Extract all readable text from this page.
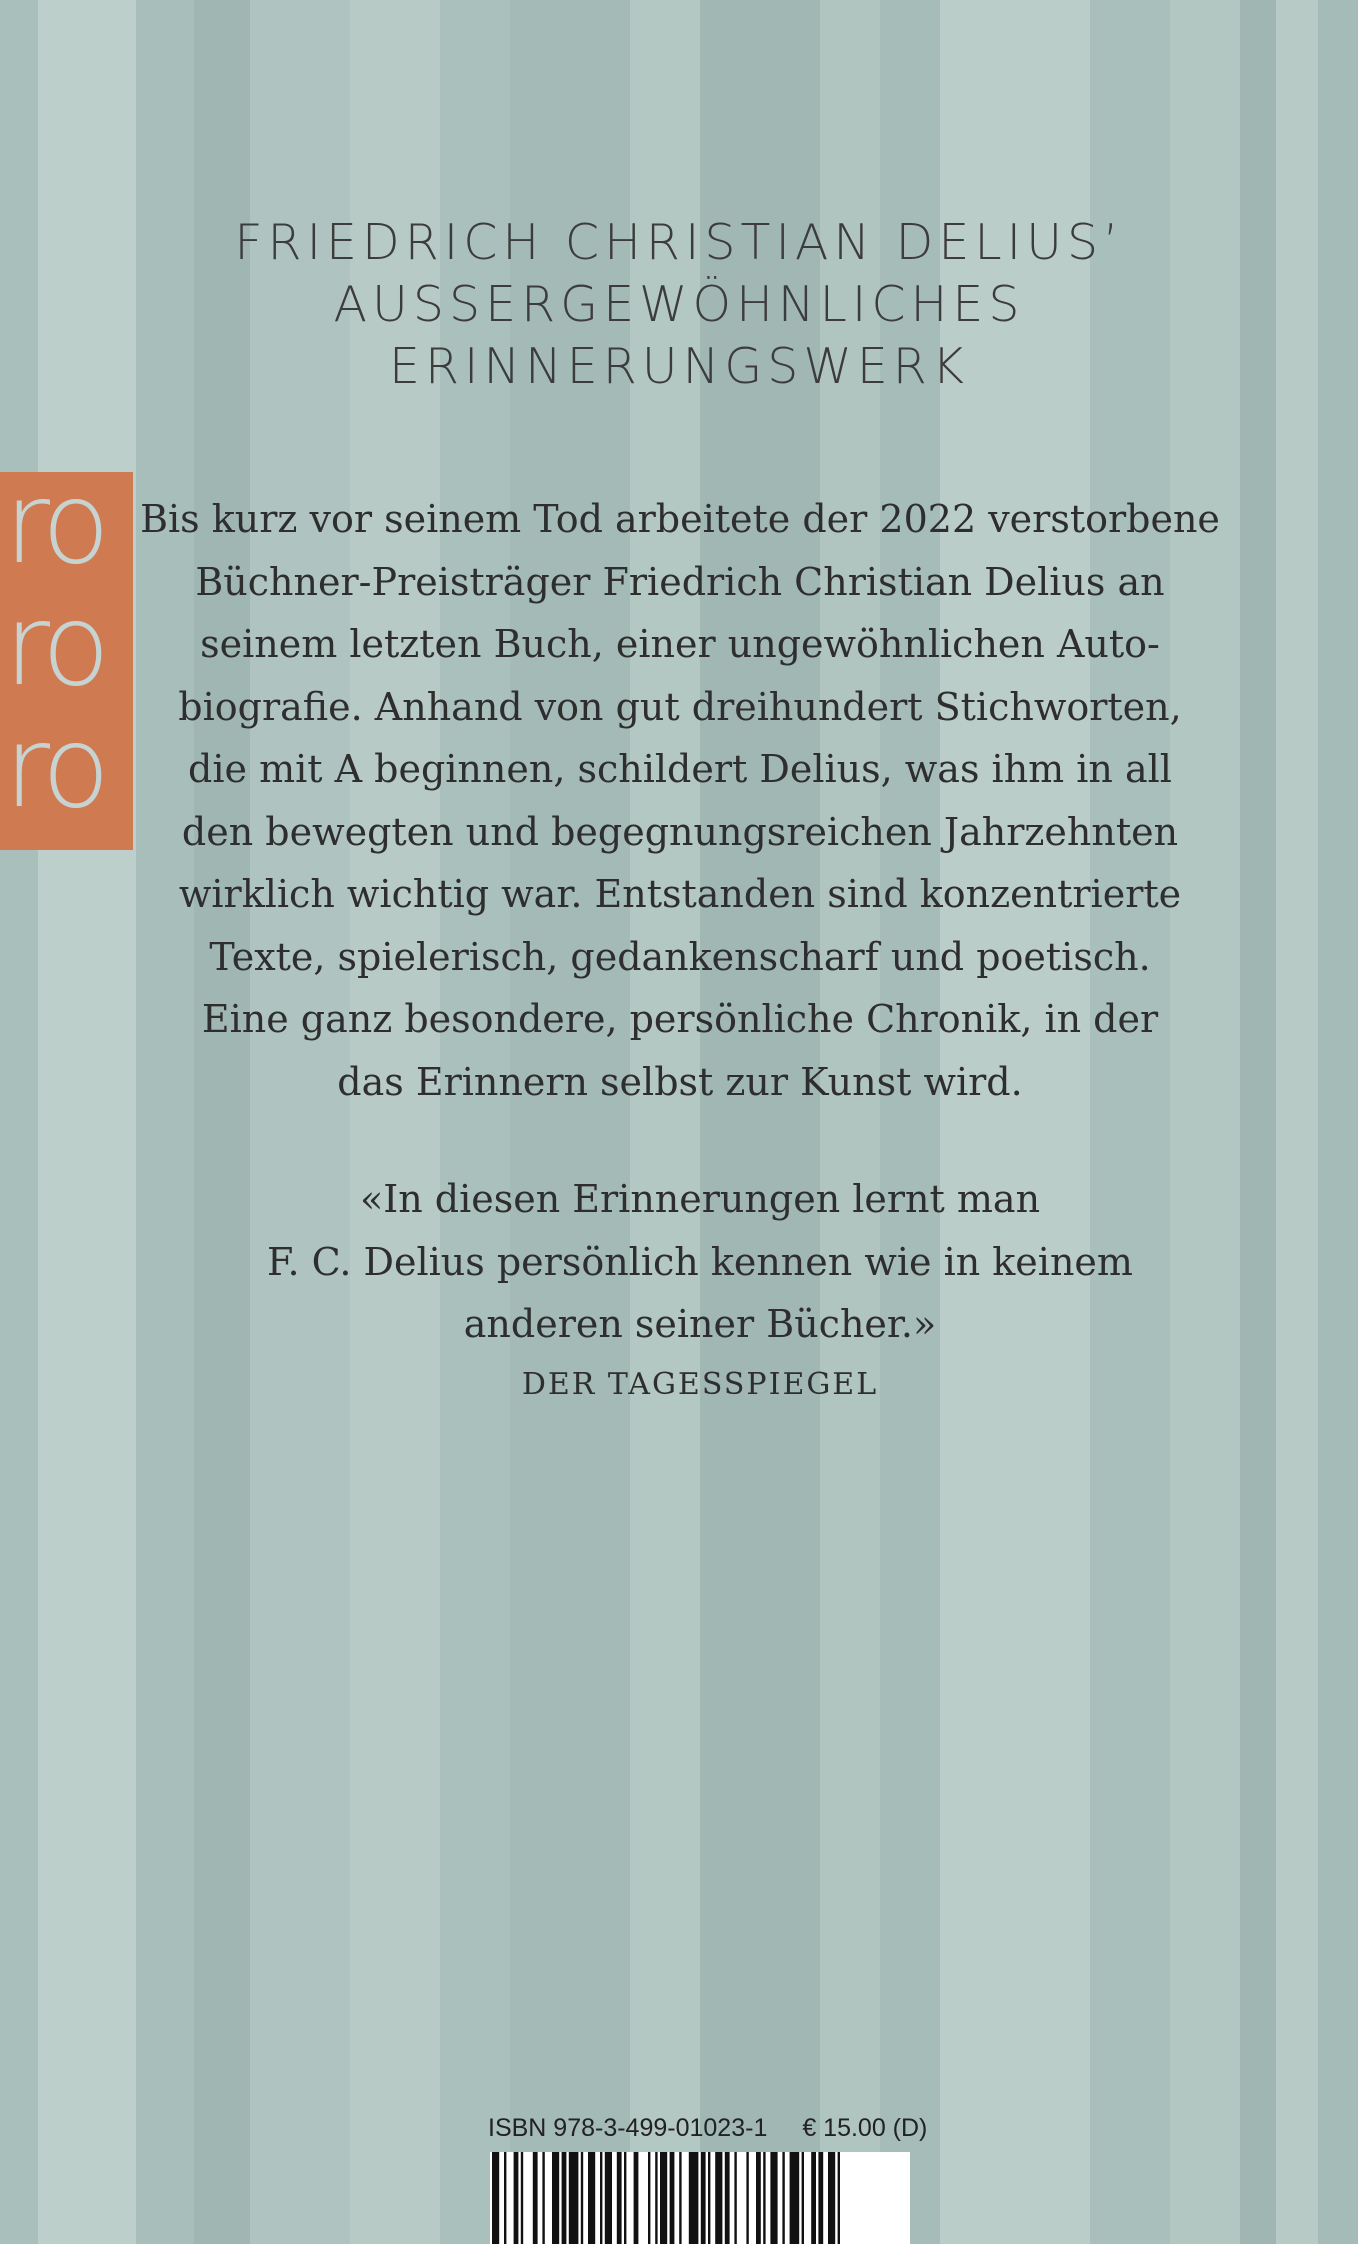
FRIEDRICH CHRISTIAN DELIUS’
AUSSERGEWÖHNLICHES
ERINNERUNGSWERK
ro
ro
ro
Bis kurz vor seinem Tod arbeitete der 2022 verstorbene
Büchner-Preisträger Friedrich Christian Delius an
seinem letzten Buch, einer ungewöhnlichen Auto-
biografie. Anhand von gut dreihundert Stichworten,
die mit A beginnen, schildert Delius, was ihm in all
den bewegten und begegnungsreichen Jahrzehnten
wirklich wichtig war. Entstanden sind konzentrierte
Texte, spielerisch, gedankenscharf und poetisch.
Eine ganz besondere, persönliche Chronik, in der
das Erinnern selbst zur Kunst wird.
«In diesen Erinnerungen lernt man
F. C. Delius persönlich kennen wie in keinem
anderen seiner Bücher.»
DER TAGESSPIEGEL
ISBN 978-3-499-01023-1 € 15.00 (D)
